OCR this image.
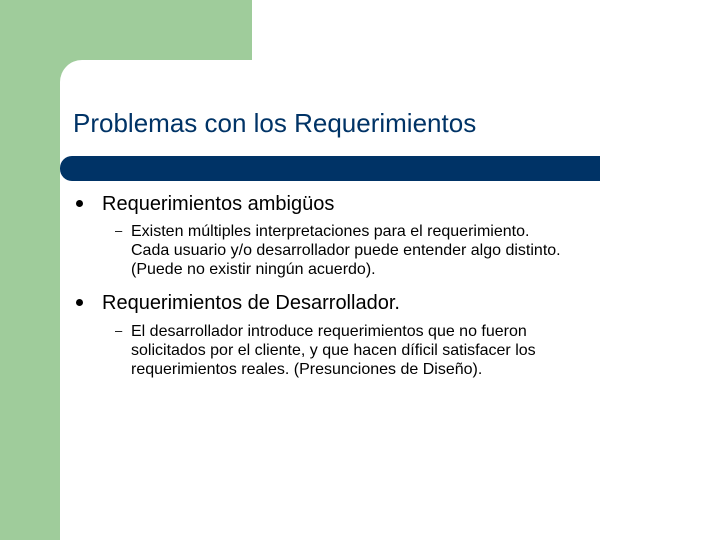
Problemas con los Requerimientos
Requerimientos ambigüos
– Existen múltiples interpretaciones para el requerimiento.
Cada usuario y/o desarrollador puede entender algo distinto.
(Puede no existir ningún acuerdo).
Requerimientos de Desarrollador.
– El desarrollador introduce requerimientos que no fueron
solicitados por el cliente, y que hacen díficil satisfacer los
requerimientos reales. (Presunciones de Diseño).
